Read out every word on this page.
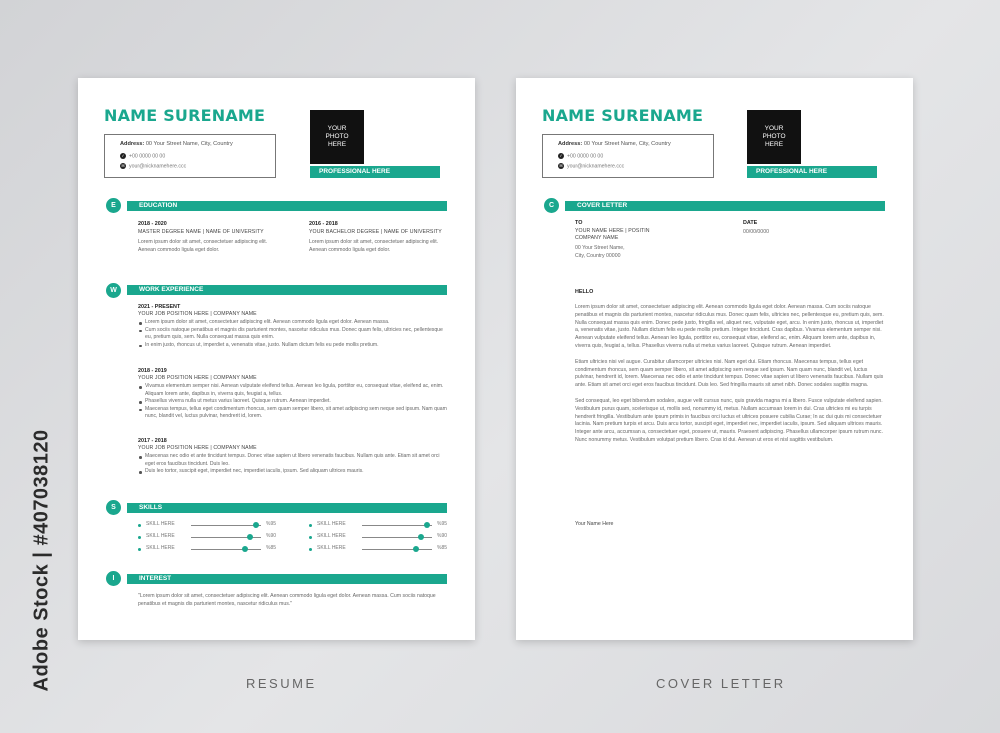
NAME SURENAME
Address: 00 Your Street Name, City, Country
✓ +00 0000 00 00
✉ your@nicknamehere.ccc
YOUR
PHOTO
HERE
PROFESSIONAL HERE
E	EDUCATION
2018 - 2020
MASTER DEGREE NAME | NAME OF UNIVERSITY
Lorem ipsum dolor sit amet, consectetuer adipiscing elit. Aenean commodo ligula eget dolor.
2016 - 2018
YOUR BACHELOR DEGREE | NAME OF UNIVERSITY
Lorem ipsum dolor sit amet, consectetuer adipiscing elit. Aenean commodo ligula eget dolor.
W	WORK EXPERIENCE
2021 - PRESENT
YOUR JOB POSITION HERE | COMPANY NAME
Lorem ipsum dolor sit amet, consectetuer adipiscing elit. Aenean commodo ligula eget dolor. Aenean massa.
Cum sociis natoque penatibus et magnis dis parturient montes, nascetur ridiculus mus. Donec quam felis, ultricies nec, pellentesque eu, pretium quis, sem. Nulla consequat massa quis enim.
In enim justo, rhoncus ut, imperdiet a, venenatis vitae, justo. Nullam dictum felis eu pede mollis pretium.
2018 - 2019
YOUR JOB POSITION HERE | COMPANY NAME
Vivamus elementum semper nisi. Aenean vulputate eleifend tellus. Aenean leo ligula, porttitor eu, consequat vitae, eleifend ac, enim. Aliquam lorem ante, dapibus in, viverra quis, feugiat a, tellus.
Phasellus viverra nulla ut metus varius laoreet. Quisque rutrum. Aenean imperdiet.
Maecenas tempus, tellus eget condimentum rhoncus, sem quam semper libero, sit amet adipiscing sem neque sed ipsum. Nam quam nunc, blandit vel, luctus pulvinar, hendrerit id, lorem.
2017 - 2018
YOUR JOB POSITION HERE | COMPANY NAME
Maecenas nec odio et ante tincidunt tempus. Donec vitae sapien ut libero venenatis faucibus. Nullam quis ante. Etiam sit amet orci eget eros faucibus tincidunt. Duis leo.
Duis leo tortor, suscipit eget, imperdiet nec, imperdiet iaculis, ipsum. Sed aliquam ultrices mauris.
S	SKILLS
I	INTEREST
"Lorem ipsum dolor sit amet, consectetuer adipiscing elit. Aenean commodo ligula eget dolor. Aenean massa. Cum sociis natoque penatibus et magnis dis parturient montes, nascetur ridiculus mus."
SKILL HERE	%95
SKILL HERE	%90
SKILL HERE	%85
SKILL HERE	%95
SKILL HERE	%90
SKILL HERE	%85
NAME SURENAME
Address: 00 Your Street Name, City, Country
✓ +00 0000 00 00
✉ your@nicknamehere.ccc
YOUR
PHOTO
HERE
PROFESSIONAL HERE
C	COVER LETTER
TO
YOUR NAME HERE | POSITIN
COMPANY NAME
00 Your Street Name,
City, Country 00000
DATE
00/00/0000
HELLO

Lorem ipsum dolor sit amet, consectetuer adipiscing elit. Aenean commodo ligula eget dolor. Aenean massa. Cum sociis natoque penatibus et magnis dis parturient montes, nascetur ridiculus mus. Donec quam felis, ultricies nec, pellentesque eu, pretium quis, sem. Nulla consequat massa quis enim. Donec pede justo, fringilla vel, aliquet nec, vulputate eget, arcu. In enim justo, rhoncus ut, imperdiet a, venenatis vitae, justo. Nullam dictum felis eu pede mollis pretium. Integer tincidunt. Cras dapibus. Vivamus elementum semper nisi. Aenean vulputate eleifend tellus. Aenean leo ligula, porttitor eu, consequat vitae, eleifend ac, enim. Aliquam lorem ante, dapibus in, viverra quis, feugiat a, tellus. Phasellus viverra nulla ut metus varius laoreet. Quisque rutrum. Aenean imperdiet.

Etiam ultricies nisi vel augue. Curabitur ullamcorper ultricies nisi. Nam eget dui. Etiam rhoncus. Maecenas tempus, tellus eget condimentum rhoncus, sem quam semper libero, sit amet adipiscing sem neque sed ipsum. Nam quam nunc, blandit vel, luctus pulvinar, hendrerit id, lorem. Maecenas nec odio et ante tincidunt tempus. Donec vitae sapien ut libero venenatis faucibus. Nullam quis ante. Etiam sit amet orci eget eros faucibus tincidunt. Duis leo. Sed fringilla mauris sit amet nibh. Donec sodales sagittis magna.

Sed consequat, leo eget bibendum sodales, augue velit cursus nunc, quis gravida magna mi a libero. Fusce vulputate eleifend sapien. Vestibulum purus quam, scelerisque ut, mollis sed, nonummy id, metus. Nullam accumsan lorem in dui. Cras ultricies mi eu turpis hendrerit fringilla. Vestibulum ante ipsum primis in faucibus orci luctus et ultrices posuere cubilia Curae; In ac dui quis mi consectetuer lacinia. Nam pretium turpis et arcu. Duis arcu tortor, suscipit eget, imperdiet nec, imperdiet iaculis, ipsum. Sed aliquam ultrices mauris. Integer ante arcu, accumsan a, consectetuer eget, posuere ut, mauris. Praesent adipiscing. Phasellus ullamcorper ipsum rutrum nunc. Nunc nonummy metus. Vestibulum volutpat pretium libero. Cras id dui. Aenean ut eros et nisl sagittis vestibulum.

Your Name Here
RESUME	COVER LETTER
Adobe Stock | #407038120
